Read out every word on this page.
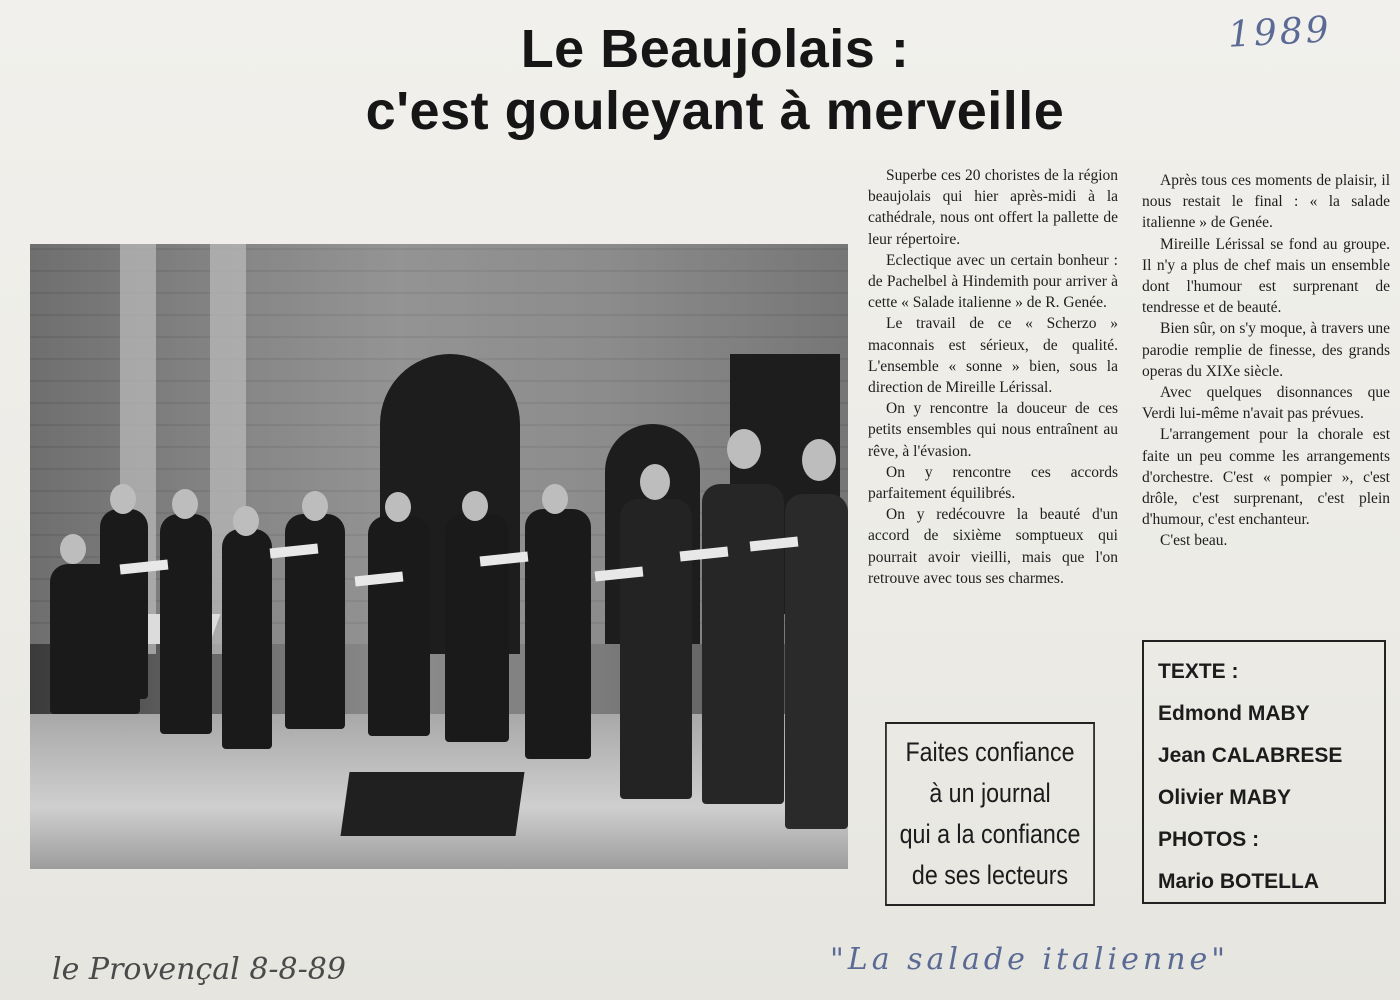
1989
Le Beaujolais :
c'est gouleyant à merveille

Superbe ces 20 choristes de la région beaujolais qui hier après-midi à la cathédrale, nous ont offert la pallette de leur répertoire.

Eclectique avec un certain bonheur : de Pachelbel à Hindemith pour arriver à cette « Salade italienne » de R. Genée.

Le travail de ce « Scherzo » maconnais est sérieux, de qualité. L'ensemble « sonne » bien, sous la direction de Mireille Lérissal.

On y rencontre la douceur de ces petits ensembles qui nous entraînent au rêve, à l'évasion.

On y rencontre ces accords parfaitement équilibrés.

On y redécouvre la beauté d'un accord de sixième somptueux qui pourrait avoir vieilli, mais que l'on retrouve avec tous ses charmes.

Après tous ces moments de plaisir, il nous restait le final : « la salade italienne » de Genée.

Mireille Lérissal se fond au groupe. Il n'y a plus de chef mais un ensemble dont l'humour est surprenant de tendresse et de beauté.

Bien sûr, on s'y moque, à travers une parodie remplie de finesse, des grands operas du XIXe siècle.

Avec quelques disonnances que Verdi lui-même n'avait pas prévues.

L'arrangement pour la chorale est faite un peu comme les arrangements d'orchestre. C'est « pompier », c'est drôle, c'est surprenant, c'est plein d'humour, c'est enchanteur.

C'est beau.

Faites confiance
à un journal
qui a la confiance
de ses lecteurs
TEXTE :
Edmond MABY
Jean CALABRESE
Olivier MABY
PHOTOS :
Mario BOTELLA
le Provençal 8-8-89	"La salade italienne"
